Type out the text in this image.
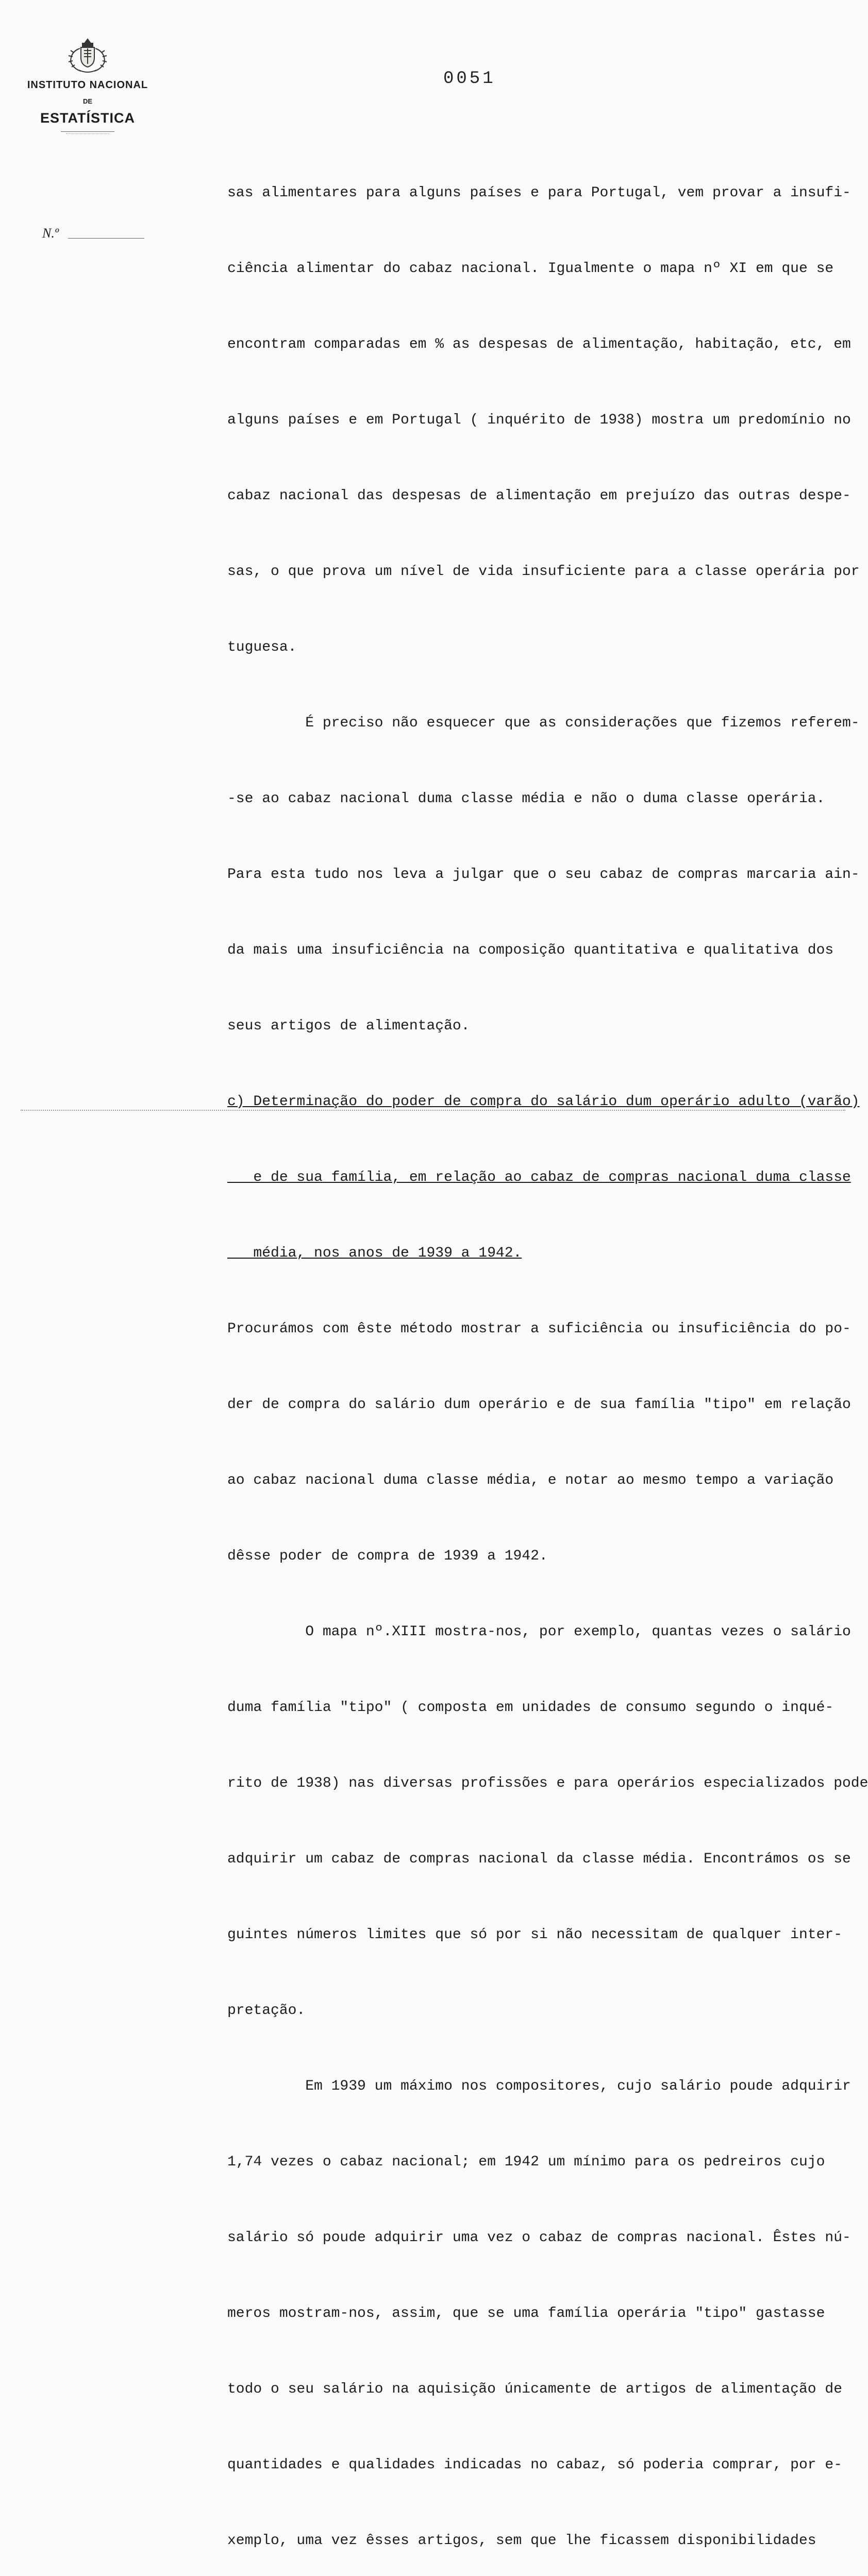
INSTITUTO NACIONAL
DE
ESTATÍSTICA
N.º
0051

sas alimentares para alguns países e para Portugal, vem provar a insufi-

ciência alimentar do cabaz nacional. Igualmente o mapa nº XI em que se

encontram comparadas em % as despesas de alimentação, habitação, etc, em

alguns países e em Portugal ( inquérito de 1938) mostra um predomínio no

cabaz nacional das despesas de alimentação em prejuízo das outras despe-

sas, o que prova um nível de vida insuficiente para a classe operária por

tuguesa.

É preciso não esquecer que as considerações que fizemos referem-

-se ao cabaz nacional duma classe média e não o duma classe operária.

Para esta tudo nos leva a julgar que o seu cabaz de compras marcaria ain-

da mais uma insuficiência na composição quantitativa e qualitativa dos

seus artigos de alimentação.

c) Determinação do poder de compra do salário dum operário adulto (varão)

e de sua família, em relação ao cabaz de compras nacional duma classe

média, nos anos de 1939 a 1942.

Procurámos com êste método mostrar a suficiência ou insuficiência do po-

der de compra do salário dum operário e de sua família "tipo" em relação

ao cabaz nacional duma classe média, e notar ao mesmo tempo a variação

dêsse poder de compra de 1939 a 1942.

O mapa nº.XIII mostra-nos, por exemplo, quantas vezes o salário

duma família "tipo" ( composta em unidades de consumo segundo o inqué-

rito de 1938) nas diversas profissões e para operários especializados pode

adquirir um cabaz de compras nacional da classe média. Encontrámos os se

guintes números limites que só por si não necessitam de qualquer inter-

pretação.

Em 1939 um máximo nos compositores, cujo salário poude adquirir

1,74 vezes o cabaz nacional; em 1942 um mínimo para os pedreiros cujo

salário só poude adquirir uma vez o cabaz de compras nacional. Êstes nú-

meros mostram-nos, assim, que se uma família operária "tipo" gastasse

todo o seu salário na aquisição únicamente de artigos de alimentação de

quantidades e qualidades indicadas no cabaz, só poderia comprar, por e-

xemplo, uma vez êsses artigos, sem que lhe ficassem disponibilidades
